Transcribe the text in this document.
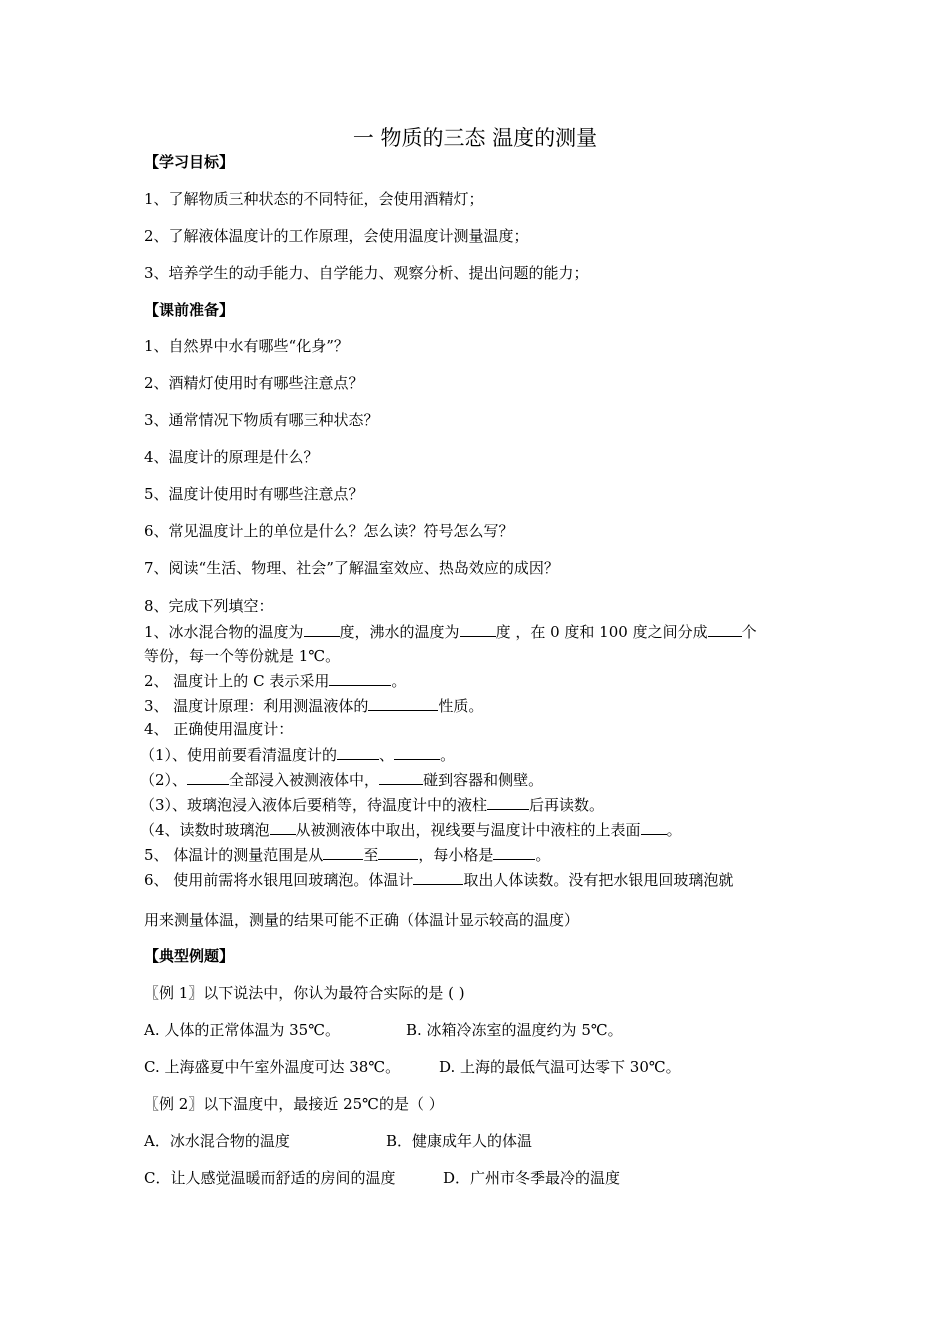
一 物质的三态 温度的测量
【学习目标】
1、了解物质三种状态的不同特征，会使用酒精灯；
2、了解液体温度计的工作原理，会使用温度计测量温度；
3、培养学生的动手能力、自学能力、观察分析、提出问题的能力；
【课前准备】
1、自然界中水有哪些“化身”？
2、酒精灯使用时有哪些注意点？
3、通常情况下物质有哪三种状态？
4、温度计的原理是什么？
5、温度计使用时有哪些注意点？
6、常见温度计上的单位是什么？怎么读？符号怎么写？
7、阅读“生活、物理、社会”了解温室效应、热岛效应的成因？
8、完成下列填空：
1、冰水混合物的温度为 度，沸水的温度为 度 ，在 0 度和 100 度之间分成 个
等份，每一个等份就是 1℃。
2、 温度计上的 C 表示采用	。
3、 温度计原理：利用测温液体的	性质。
4、 正确使用温度计：
（1）、使用前要看清温度计的	、	。
（2）、	全部浸入被测液体中，	碰到容器和侧壁。
（3）、玻璃泡浸入液体后要稍等，待温度计中的液柱	后再读数。
（4、读数时玻璃泡 从被测液体中取出，视线要与温度计中液柱的上表面 。
5、 体温计的测量范围是从	至	，每小格是	。
6、 使用前需将水银甩回玻璃泡。体温计	取出人体读数。没有把水银甩回玻璃泡就
用来测量体温，测量的结果可能不正确（体温计显示较高的温度）
【典型例题】
〖例 1〗以下说法中，你认为最符合实际的是 ( )
A. 人体的正常体温为 35℃。	B. 冰箱冷冻室的温度约为 5℃。
C. 上海盛夏中午室外温度可达 38℃。	D. 上海的最低气温可达零下 30℃。
〖例 2〗以下温度中，最接近 25℃的是（ ）
A．冰水混合物的温度	B．健康成年人的体温
C．让人感觉温暖而舒适的房间的温度	D．广州市冬季最冷的温度
